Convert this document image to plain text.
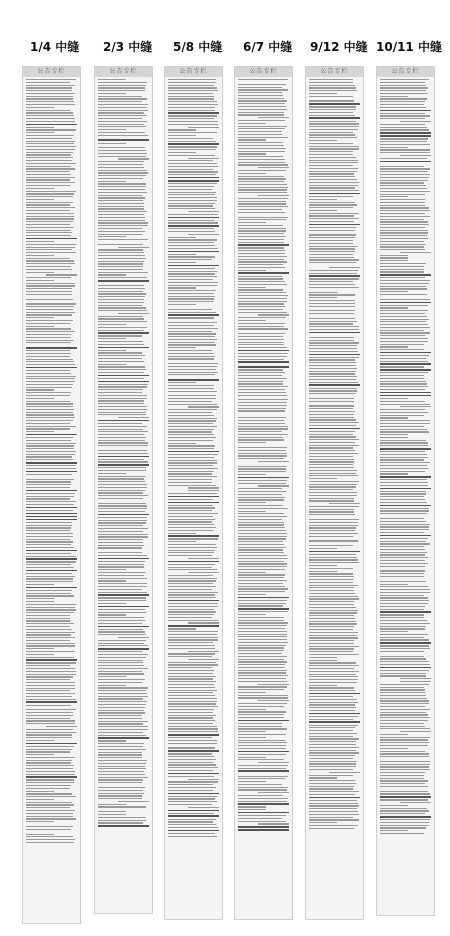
1/4 中缝 2/3 中缝 5/8 中缝 6/7 中缝 9/12 中缝 10/11 中缝
公告专栏	公告专栏	公告专栏	公告专栏	公告专栏	公告专栏
